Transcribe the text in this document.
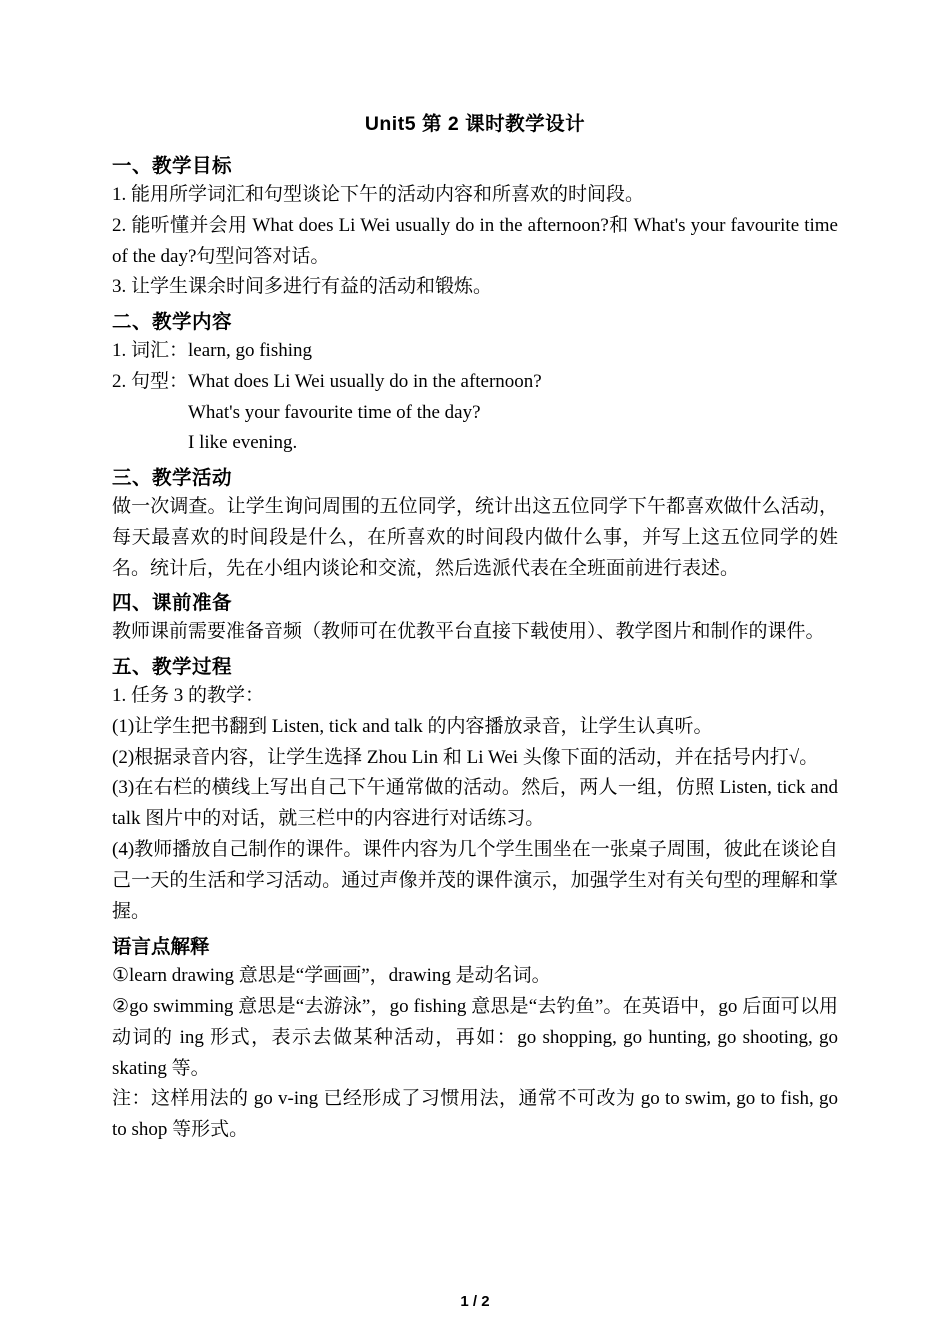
Unit5 第 2 课时教学设计
一、教学目标

1. 能用所学词汇和句型谈论下午的活动内容和所喜欢的时间段。

2. 能听懂并会用 What does Li Wei usually do in the afternoon?和 What's your favourite time of the day?句型问答对话。

3. 让学生课余时间多进行有益的活动和锻炼。

二、教学内容

1. 词汇：learn, go fishing

2. 句型：What does Li Wei usually do in the afternoon?

What's your favourite time of the day?

I like evening.

三、教学活动

做一次调查。让学生询问周围的五位同学，统计出这五位同学下午都喜欢做什么活动，每天最喜欢的时间段是什么，在所喜欢的时间段内做什么事，并写上这五位同学的姓名。统计后，先在小组内谈论和交流，然后选派代表在全班面前进行表述。

四、课前准备

教师课前需要准备音频（教师可在优教平台直接下载使用）、教学图片和制作的课件。

五、教学过程

1. 任务 3 的教学：

(1)让学生把书翻到 Listen, tick and talk 的内容播放录音，让学生认真听。

(2)根据录音内容，让学生选择 Zhou Lin 和 Li Wei 头像下面的活动，并在括号内打√。

(3)在右栏的横线上写出自己下午通常做的活动。然后，两人一组，仿照 Listen, tick and talk 图片中的对话，就三栏中的内容进行对话练习。

(4)教师播放自己制作的课件。课件内容为几个学生围坐在一张桌子周围，彼此在谈论自己一天的生活和学习活动。通过声像并茂的课件演示，加强学生对有关句型的理解和掌握。

语言点解释

①learn drawing 意思是“学画画”，drawing 是动名词。

②go swimming 意思是“去游泳”，go fishing 意思是“去钓鱼”。在英语中，go 后面可以用动词的 ing 形式，表示去做某种活动，再如：go shopping, go hunting, go shooting, go skating 等。

注：这样用法的 go v-ing 已经形成了习惯用法，通常不可改为 go to swim, go to fish, go to shop 等形式。

1 / 2
